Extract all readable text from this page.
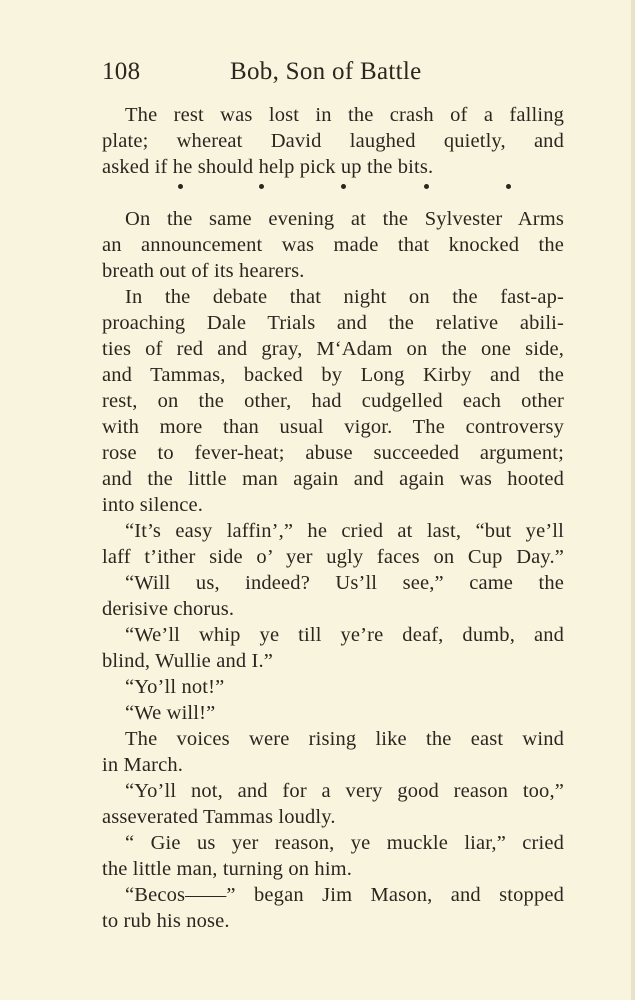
108	Bob, Son of Battle
The rest was lost in the crash of a falling
plate; whereat David laughed quietly, and
asked if he should help pick up the bits.
On the same evening at the Sylvester Arms
an announcement was made that knocked the
breath out of its hearers.
In the debate that night on the fast-ap-
proaching Dale Trials and the relative abili-
ties of red and gray, M‘Adam on the one side,
and Tammas, backed by Long Kirby and the
rest, on the other, had cudgelled each other
with more than usual vigor. The controversy
rose to fever-heat; abuse succeeded argument;
and the little man again and again was hooted
into silence.
“It’s easy laffin’,” he cried at last, “but ye’ll
laff t’ither side o’ yer ugly faces on Cup Day.”
“Will us, indeed? Us’ll see,” came the
derisive chorus.
“We’ll whip ye till ye’re deaf, dumb, and
blind, Wullie and I.”
“Yo’ll not!”
“We will!”
The voices were rising like the east wind
in March.
“Yo’ll not, and for a very good reason too,”
asseverated Tammas loudly.
“ Gie us yer reason, ye muckle liar,” cried
the little man, turning on him.
“Becos——” began Jim Mason, and stopped
to rub his nose.
